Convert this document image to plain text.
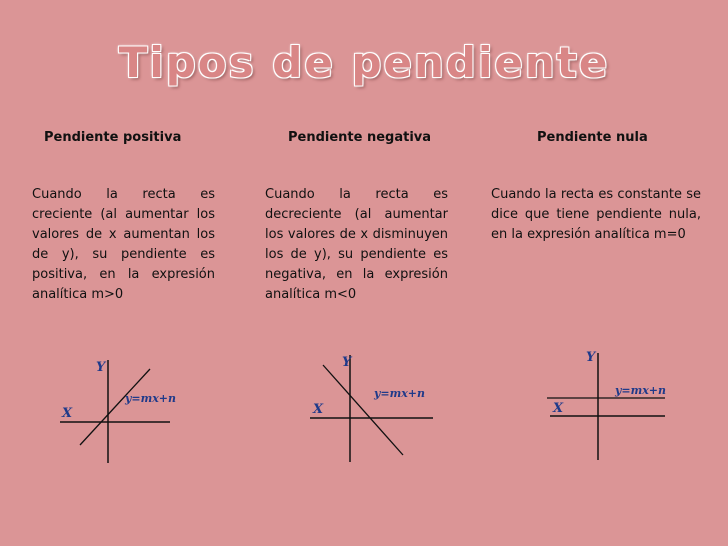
Tipos de pendiente
Pendiente positiva
Cuando la recta es creciente (al aumentar los valores de x aumentan los de y), su pendiente es positiva, en la expresión analítica m>0
Y
X
y=mx+n
Pendiente negativa
Cuando la recta es decreciente (al aumentar los valores de x disminuyen los de y), su pendiente es negativa, en la expresión analítica m<0
Y
X
y=mx+n
Pendiente nula
Cuando la recta es constante se dice que tiene pendiente nula, en la expresión analítica m=0
Y
X
y=mx+n
